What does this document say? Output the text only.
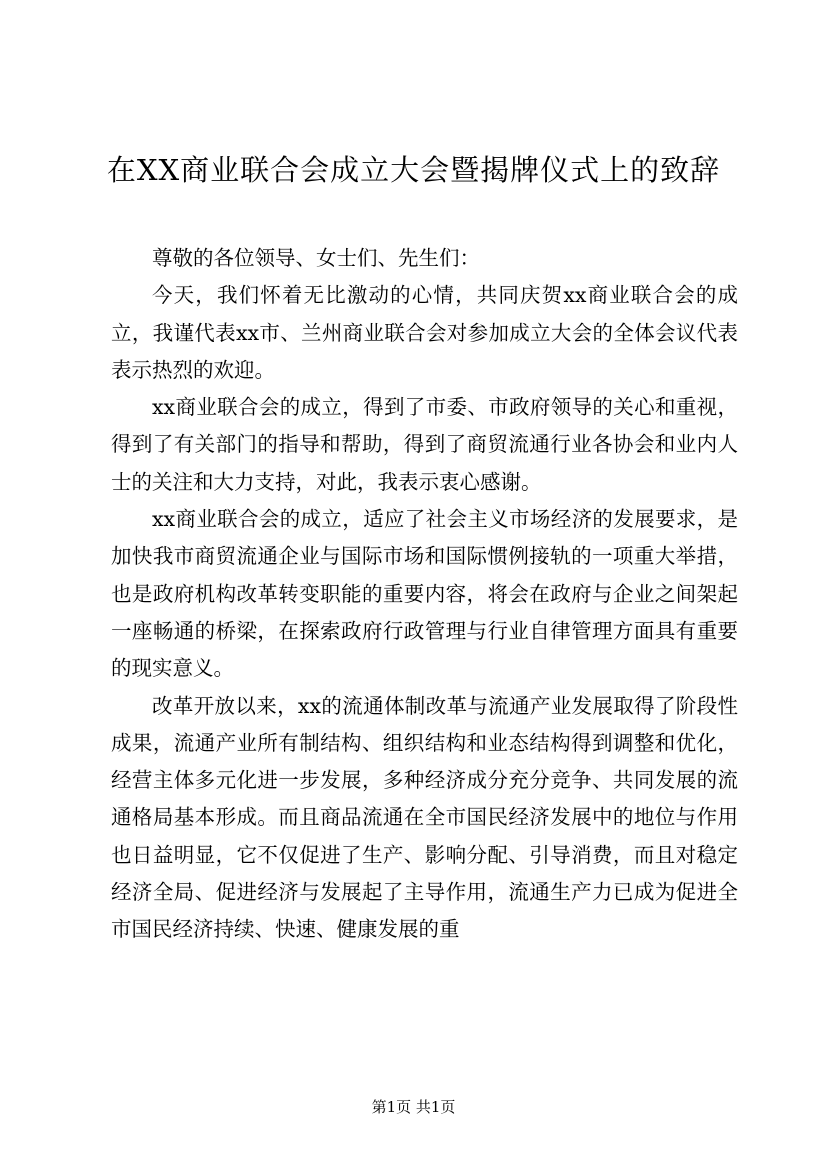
在XX商业联合会成立大会暨揭牌仪式上的致辞

尊敬的各位领导、女士们、先生们：

今天，我们怀着无比激动的心情，共同庆贺xx商业联合会的成立，我谨代表xx市、兰州商业联合会对参加成立大会的全体会议代表表示热烈的欢迎。

xx商业联合会的成立，得到了市委、市政府领导的关心和重视，得到了有关部门的指导和帮助，得到了商贸流通行业各协会和业内人士的关注和大力支持，对此，我表示衷心感谢。

xx商业联合会的成立，适应了社会主义市场经济的发展要求，是加快我市商贸流通企业与国际市场和国际惯例接轨的一项重大举措，也是政府机构改革转变职能的重要内容，将会在政府与企业之间架起一座畅通的桥梁，在探索政府行政管理与行业自律管理方面具有重要的现实意义。

改革开放以来，xx的流通体制改革与流通产业发展取得了阶段性成果，流通产业所有制结构、组织结构和业态结构得到调整和优化，经营主体多元化进一步发展，多种经济成分充分竞争、共同发展的流通格局基本形成。而且商品流通在全市国民经济发展中的地位与作用也日益明显，它不仅促进了生产、影响分配、引导消费，而且对稳定经济全局、促进经济与发展起了主导作用，流通生产力已成为促进全市国民经济持续、快速、健康发展的重

第1页 共1页
